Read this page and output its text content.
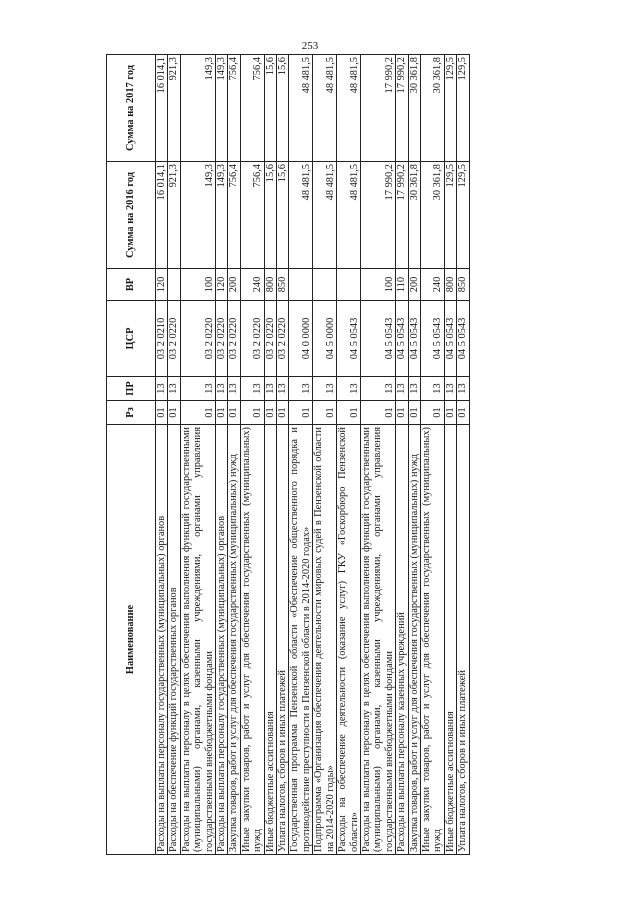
253
Наименование	Рз	ПР	ЦСР	ВР	Сумма на 2016 год	Сумма на 2017 год
Расходы на выплаты персоналу государственных (муниципальных) органов	01	13	03 2 0210	120	16 014,1	16 014,1
Расходы на обеспечение функций государственных органов	01	13	03 2 0220		921,3	921,3
Расходы на выплаты персоналу в целях обеспечения выполнения функций государственными (муниципальными) органами, казенными учреждениями, органами управления государственными внебюджетными фондами	01	13	03 2 0220	100	149,3	149,3
Расходы на выплаты персоналу государственных (муниципальных) органов	01	13	03 2 0220	120	149,3	149,3
Закупка товаров, работ и услуг для обеспечения государственных (муниципальных) нужд	01	13	03 2 0220	200	756,4	756,4
Иные закупки товаров, работ и услуг для обеспечения государственных (муниципальных) нужд	01	13	03 2 0220	240	756,4	756,4
Иные бюджетные ассигнования	01	13	03 2 0220	800	15,6	15,6
Уплата налогов, сборов и иных платежей	01	13	03 2 0220	850	15,6	15,6
Государственная программа Пензенской области «Обеспечение общественного порядка и противодействие преступности в Пензенской области в 2014-2020 годах»	01	13	04 0 0000		48 481,5	48 481,5
Подпрограмма «Организация обеспечения деятельности мировых судей в Пензенской области на 2014-2020 годы»	01	13	04 5 0000		48 481,5	48 481,5
Расходы на обеспечение деятельности (оказание услуг) ГКУ «Госкорбюро Пензенской области»	01	13	04 5 0543		48 481,5	48 481,5
Расходы на выплаты персоналу в целях обеспечения выполнения функций государственными (муниципальными) органами, казенными учреждениями, органами управления государственными внебюджетными фондами	01	13	04 5 0543	100	17 990,2	17 990,2
Расходы на выплаты персоналу казенных учреждений	01	13	04 5 0543	110	17 990,2	17 990,2
Закупка товаров, работ и услуг для обеспечения государственных (муниципальных) нужд	01	13	04 5 0543	200	30 361,8	30 361,8
Иные закупки товаров, работ и услуг для обеспечения государственных (муниципальных) нужд	01	13	04 5 0543	240	30 361,8	30 361,8
Иные бюджетные ассигнования	01	13	04 5 0543	800	129,5	129,5
Уплата налогов, сборов и иных платежей	01	13	04 5 0543	850	129,5	129,5
